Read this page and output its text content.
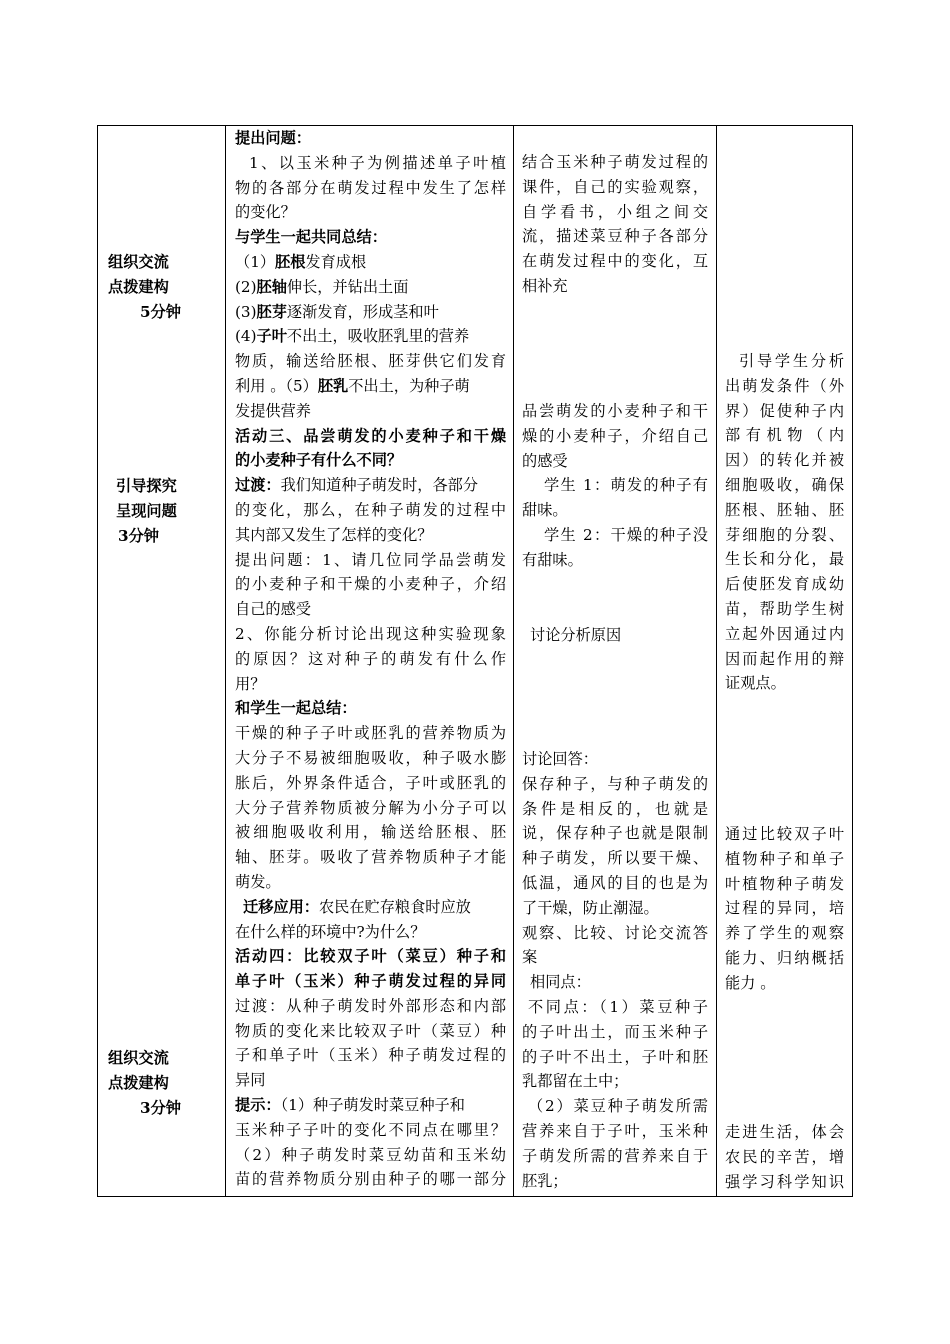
组织交流
点拨建构
5分钟
引导探究
呈现问题
3分钟
组织交流
点拨建构
3分钟
提出问题：
1、以玉米种子为例描述单子叶植
物的各部分在萌发过程中发生了怎样
的变化？
与学生一起共同总结：
（1）胚根发育成根
(2)胚轴伸长，并钻出土面
(3)胚芽逐渐发育，形成茎和叶
(4)子叶不出土，吸收胚乳里的营养
物质，输送给胚根、胚芽供它们发育
利用 。（5）胚乳不出土，为种子萌
发提供营养
活动三、品尝萌发的小麦种子和干燥
的小麦种子有什么不同？
过渡：我们知道种子萌发时，各部分
的变化，那么，在种子萌发的过程中
其内部又发生了怎样的变化？
提出问题：1、请几位同学品尝萌发
的小麦种子和干燥的小麦种子，介绍
自己的感受
2、你能分析讨论出现这种实验现象
的原因？这对种子的萌发有什么作
用？
和学生一起总结：
干燥的种子子叶或胚乳的营养物质为
大分子不易被细胞吸收，种子吸水膨
胀后，外界条件适合，子叶或胚乳的
大分子营养物质被分解为小分子可以
被细胞吸收利用，输送给胚根、胚
轴、胚芽。吸收了营养物质种子才能
萌发。
迁移应用：农民在贮存粮食时应放
在什么样的环境中?为什么？
活动四：比较双子叶（菜豆）种子和
单子叶（玉米）种子萌发过程的异同
过渡：从种子萌发时外部形态和内部
物质的变化来比较双子叶（菜豆）种
子和单子叶（玉米）种子萌发过程的
异同
提示：（1）种子萌发时菜豆种子和
玉米种子子叶的变化不同点在哪里？
（2）种子萌发时菜豆幼苗和玉米幼
苗的营养物质分别由种子的哪一部分
结合玉米种子萌发过程的
课件，自己的实验观察，
自学看书，小组之间交
流，描述菜豆种子各部分
在萌发过程中的变化，互
相补充
品尝萌发的小麦种子和干
燥的小麦种子，介绍自己
的感受
学生 1：萌发的种子有
甜味。
学生 2：干燥的种子没
有甜味。
讨论分析原因
讨论回答：
保存种子，与种子萌发的
条件是相反的，也就是
说，保存种子也就是限制
种子萌发，所以要干燥、
低温，通风的目的也是为
了干燥，防止潮湿。
观察、比较、讨论交流答
案
相同点：
不同点：（1）菜豆种子
的子叶出土，而玉米种子
的子叶不出土，子叶和胚
乳都留在土中；
（2）菜豆种子萌发所需
营养来自于子叶，玉米种
子萌发所需的营养来自于
胚乳；
引导学生分析
出萌发条件（外
界）促使种子内
部有机物（内
因）的转化并被
细胞吸收，确保
胚根、胚轴、胚
芽细胞的分裂、
生长和分化，最
后使胚发育成幼
苗，帮助学生树
立起外因通过内
因而起作用的辩
证观点。
通过比较双子叶
植物种子和单子
叶植物种子萌发
过程的异同，培
养了学生的观察
能力、归纳概括
能力 。
走进生活，体会
农民的辛苦，增
强学习科学知识
